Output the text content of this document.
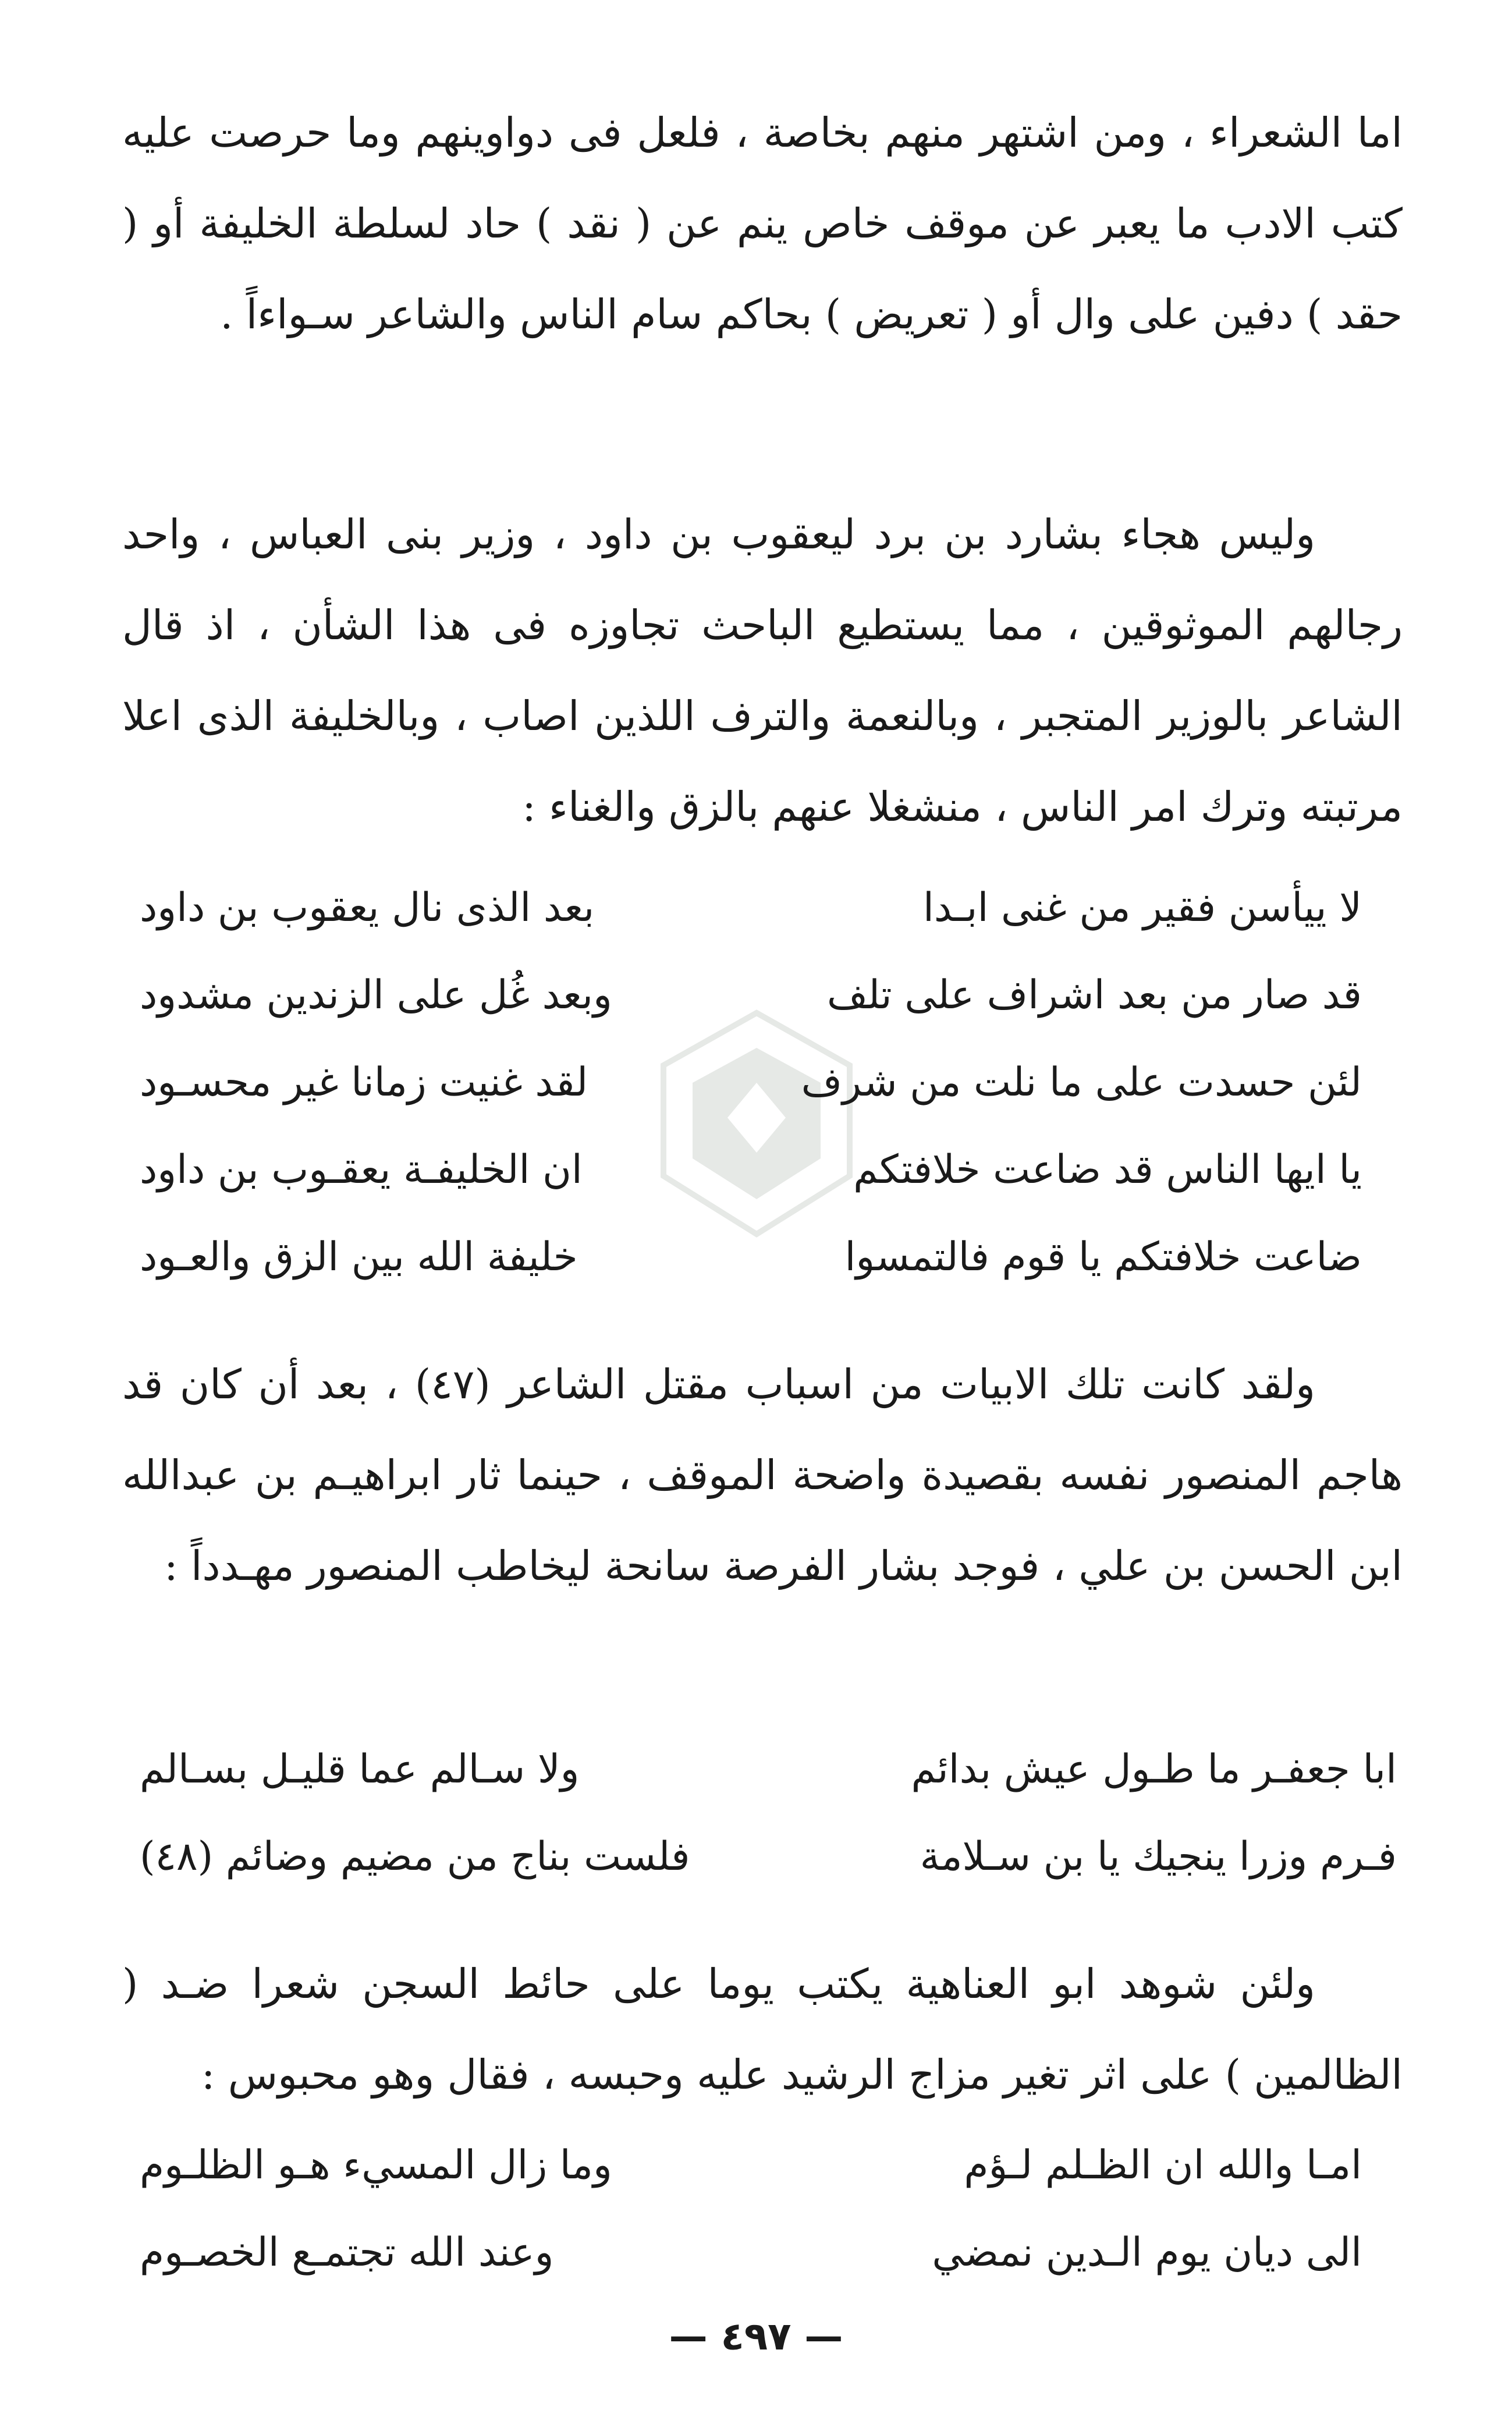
اما الشعراء ، ومن اشتهر منهم بخاصة ، فلعل فى دواوينهم وما حرصت عليه كتب الادب ما يعبر عن موقف خاص ينم عن ( نقد ) حاد لسلطة الخليفة أو ( حقد ) دفين على وال أو ( تعريض ) بحاكم سام الناس والشاعر سـواءاً .

وليس هجاء بشارد بن برد ليعقوب بن داود ، وزير بنى العباس ، واحد رجالهم الموثوقين ، مما يستطيع الباحث تجاوزه فى هذا الشأن ، اذ قال الشاعر بالوزير المتجبر ، وبالنعمة والترف اللذين اصاب ، وبالخليفة الذى اعلا مرتبته وترك امر الناس ، منشغلا عنهم بالزق والغناء :

لا ييأسن فقير من غنى ابـدا
بعد الذى نال يعقوب بن داود
قد صار من بعد اشراف على تلف
وبعد غُل على الزندين مشدود
لئن حسدت على ما نلت من شرف
لقد غنيت زمانا غير محسـود
يا ايها الناس قد ضاعت خلافتكم
ان الخليفـة يعقـوب بن داود
ضاعت خلافتكم يا قوم فالتمسوا
خليفة الله بين الزق والعـود

ولقد كانت تلك الابيات من اسباب مقتل الشاعر (٤٧) ، بعد أن كان قد هاجم المنصور نفسه بقصيدة واضحة الموقف ، حينما ثار ابراهيـم بن عبدالله ابن الحسن بن علي ، فوجد بشار الفرصة سانحة ليخاطب المنصور مهـدداً :

ابا جعفـر ما طـول عيش بدائم
ولا سـالم عما قليـل بسـالم
فـرم وزرا ينجيك يا بن سـلامة
فلست بناج من مضيم وضائم (٤٨)

ولئن شوهد ابو العناهية يكتب يوما على حائط السجن شعرا ضـد ( الظالمين ) على اثر تغير مزاج الرشيد عليه وحبسه ، فقال وهو محبوس :

امـا والله ان الظـلم لـؤم
وما زال المسيء هـو الظلـوم
الى ديان يوم الـدين نمضي
وعند الله تجتمـع الخصـوم
— ٤٩٧ —
